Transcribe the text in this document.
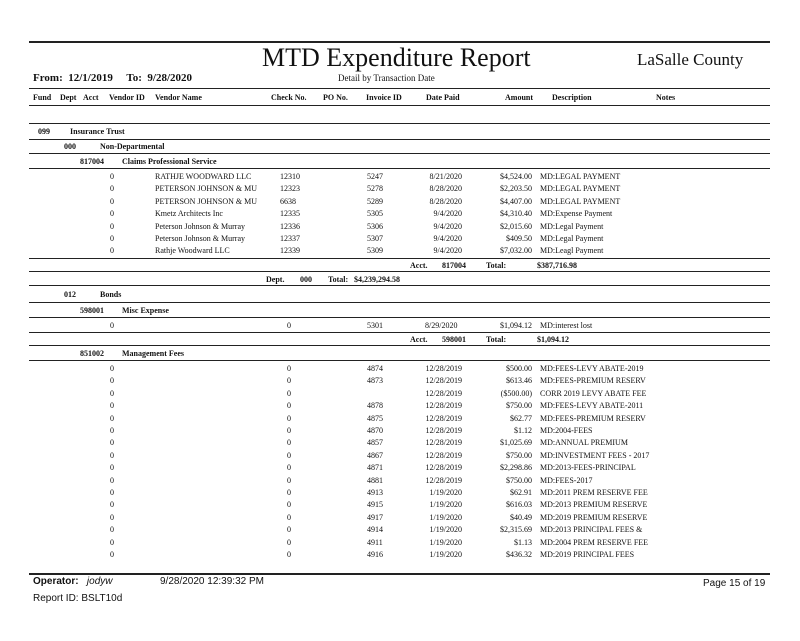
MTD Expenditure Report
Detail by Transaction Date
LaSalle County
From: 12/1/2019 To: 9/28/2020
Fund Dept Acct Vendor ID Vendor Name	Check No. PO No. Invoice ID	Date Paid	Amount Description	Notes
099	Insurance Trust
000	Non-Departmental
817004 Claims Professional Service
0	RATHJE WOODWARD LLC	12310	5247	8/21/2020	$4,524.00 MD:LEGAL PAYMENT
0	PETERSON JOHNSON & MU	12323	5278	8/28/2020	$2,203.50 MD:LEGAL PAYMENT
0	PETERSON JOHNSON & MU	6638	5289	8/28/2020	$4,407.00 MD:LEGAL PAYMENT
0	Kmetz Architects Inc	12335	5305	9/4/2020	$4,310.40 MD:Expense Payment
0	Peterson Johnson & Murray	12336	5306	9/4/2020	$2,015.60 MD:Legal Payment
0	Peterson Johnson & Murray	12337	5307	9/4/2020	$409.50 MD:Legal Payment
0	Rathje Woodward LLC	12339	5309	9/4/2020	$7,032.00 MD:Leagl Payment
Acct. 817004	Total:	$387,716.98
Dept. 000 Total: $4,239,294.58
012	Bonds
598001 Misc Expense
0	0	5301	8/29/2020	$1,094.12 MD:interest lost
Acct. 598001	Total:	$1,094.12
851002 Management Fees
0	0	4874	12/28/2019	$500.00 MD:FEES-LEVY ABATE-2019
0	0	4873	12/28/2019	$613.46 MD:FEES-PREMIUM RESERV
0	0	12/28/2019	($500.00) CORR 2019 LEVY ABATE FEE
0	0	4878	12/28/2019	$750.00 MD:FEES-LEVY ABATE-2011
0	0	4875	12/28/2019	$62.77 MD:FEES-PREMIUM RESERV
0	0	4870	12/28/2019	$1.12 MD:2004-FEES
0	0	4857	12/28/2019	$1,025.69 MD:ANNUAL PREMIUM
0	0	4867	12/28/2019	$750.00 MD:INVESTMENT FEES - 2017
0	0	4871	12/28/2019	$2,298.86 MD:2013-FEES-PRINCIPAL
0	0	4881	12/28/2019	$750.00 MD:FEES-2017
0	0	4913	1/19/2020	$62.91 MD:2011 PREM RESERVE FEE
0	0	4915	1/19/2020	$616.03 MD:2013 PREMIUM RESERVE
0	0	4917	1/19/2020	$40.49 MD:2019 PREMIUM RESERVE
0	0	4914	1/19/2020	$2,315.69 MD:2013 PRINCIPAL FEES &
0	0	4911	1/19/2020	$1.13 MD:2004 PREM RESERVE FEE
0	0	4916	1/19/2020	$436.32 MD:2019 PRINCIPAL FEES
Operator: jodyw	9/28/2020 12:39:32 PM
Report ID: BSLT10d
Page 15 of 19
